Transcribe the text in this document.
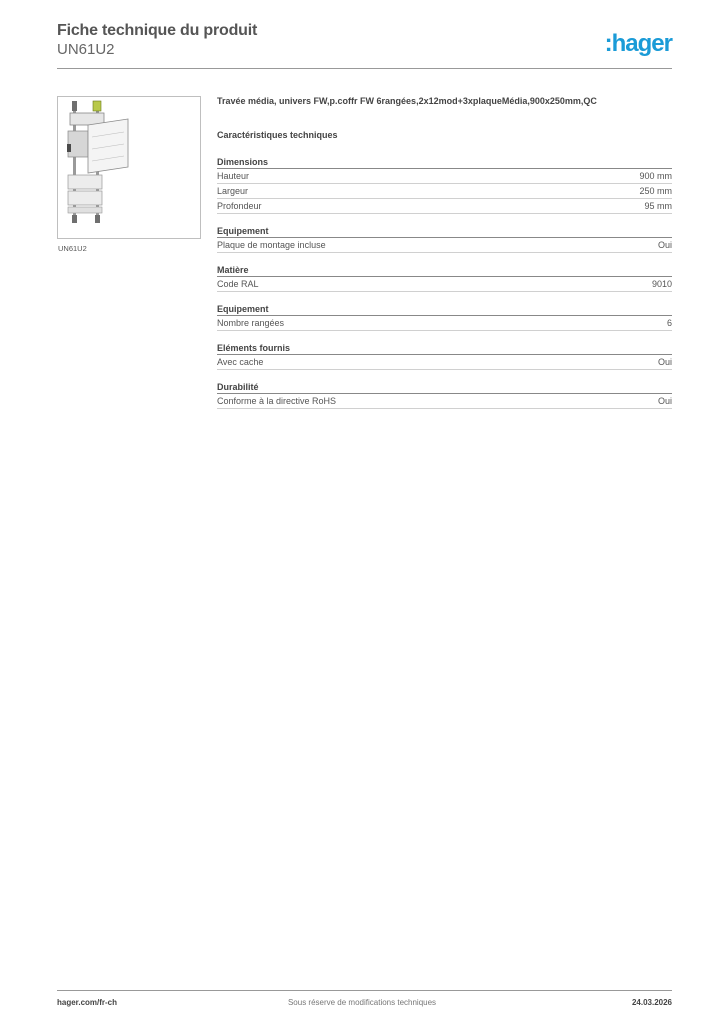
Fiche technique du produit
UN61U2	:hager
UN61U2
Travée média, univers FW,p.coffr FW 6rangées,2x12mod+3xplaqueMédia,900x250mm,QC
Caractéristiques techniques
Dimensions
Hauteur	900 mm
Largeur	250 mm
Profondeur	95 mm
Equipement
Plaque de montage incluse	Oui
Matière
Code RAL	9010
Equipement
Nombre rangées	6
Eléments fournis
Avec cache	Oui
Durabilité
Conforme à la directive RoHS	Oui
hager.com/fr-ch	Sous réserve de modifications techniques	24.03.2026
